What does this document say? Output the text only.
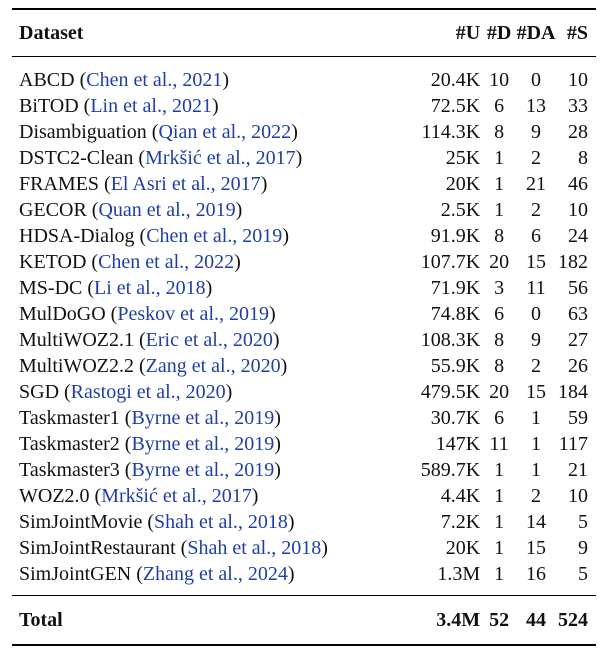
Dataset	#U	#D	#DA	#S
ABCD (Chen et al., 2021)	20.4K	10	0	10
BiTOD (Lin et al., 2021)	72.5K	6	13	33
Disambiguation (Qian et al., 2022)	114.3K	8	9	28
DSTC2-Clean (Mrkšić et al., 2017)	25K	1	2	8
FRAMES (El Asri et al., 2017)	20K	1	21	46
GECOR (Quan et al., 2019)	2.5K	1	2	10
HDSA-Dialog (Chen et al., 2019)	91.9K	8	6	24
KETOD (Chen et al., 2022)	107.7K	20	15	182
MS-DC (Li et al., 2018)	71.9K	3	11	56
MulDoGO (Peskov et al., 2019)	74.8K	6	0	63
MultiWOZ2.1 (Eric et al., 2020)	108.3K	8	9	27
MultiWOZ2.2 (Zang et al., 2020)	55.9K	8	2	26
SGD (Rastogi et al., 2020)	479.5K	20	15	184
Taskmaster1 (Byrne et al., 2019)	30.7K	6	1	59
Taskmaster2 (Byrne et al., 2019)	147K	11	1	117
Taskmaster3 (Byrne et al., 2019)	589.7K	1	1	21
WOZ2.0 (Mrkšić et al., 2017)	4.4K	1	2	10
SimJointMovie (Shah et al., 2018)	7.2K	1	14	5
SimJointRestaurant (Shah et al., 2018)	20K	1	15	9
SimJointGEN (Zhang et al., 2024)	1.3M	1	16	5
Total	3.4M	52	44	524
